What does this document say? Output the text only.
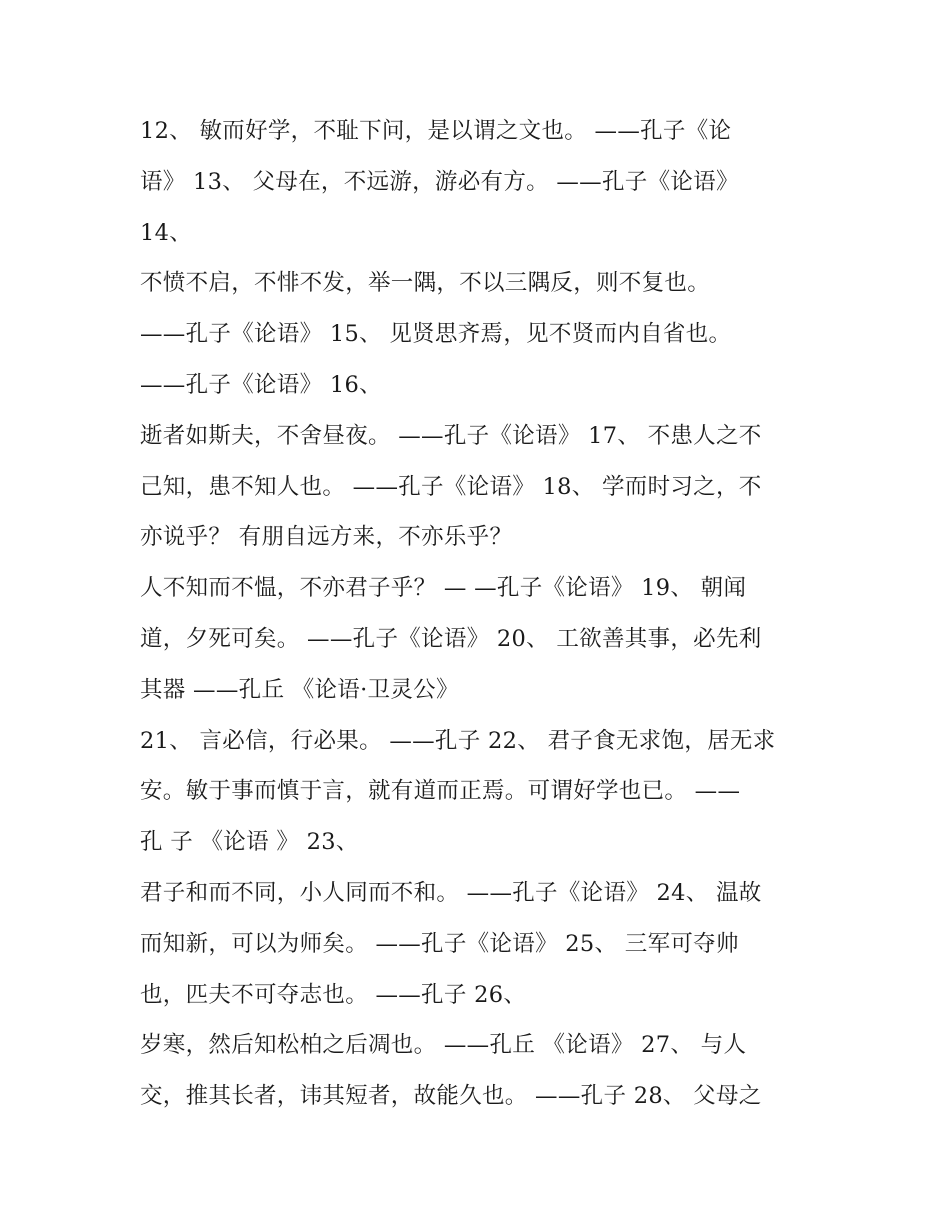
12、 敏而好学，不耻下问，是以谓之文也。 ——孔子《论
语》 13、 父母在，不远游，游必有方。 ——孔子《论语》
14、
不愤不启，不悱不发，举一隅，不以三隅反，则不复也。
——孔子《论语》 15、 见贤思齐焉，见不贤而内自省也。
——孔子《论语》 16、
逝者如斯夫，不舍昼夜。 ——孔子《论语》 17、 不患人之不
己知，患不知人也。 ——孔子《论语》 18、 学而时习之，不
亦说乎？ 有朋自远方来，不亦乐乎？
人不知而不愠，不亦君子乎？ — —孔子《论语》 19、 朝闻
道，夕死可矣。 ——孔子《论语》 20、 工欲善其事，必先利
其器 ——孔丘 《论语·卫灵公》
21、 言必信，行必果。 ——孔子 22、 君子食无求饱，居无求
安。敏于事而慎于言，就有道而正焉。可谓好学也已。 ——
孔 子 《论语 》 23、
君子和而不同，小人同而不和。 ——孔子《论语》 24、 温故
而知新，可以为师矣。 ——孔子《论语》 25、 三军可夺帅
也，匹夫不可夺志也。 ——孔子 26、
岁寒，然后知松柏之后凋也。 ——孔丘 《论语》 27、 与人
交，推其长者，讳其短者，故能久也。 ——孔子 28、 父母之
